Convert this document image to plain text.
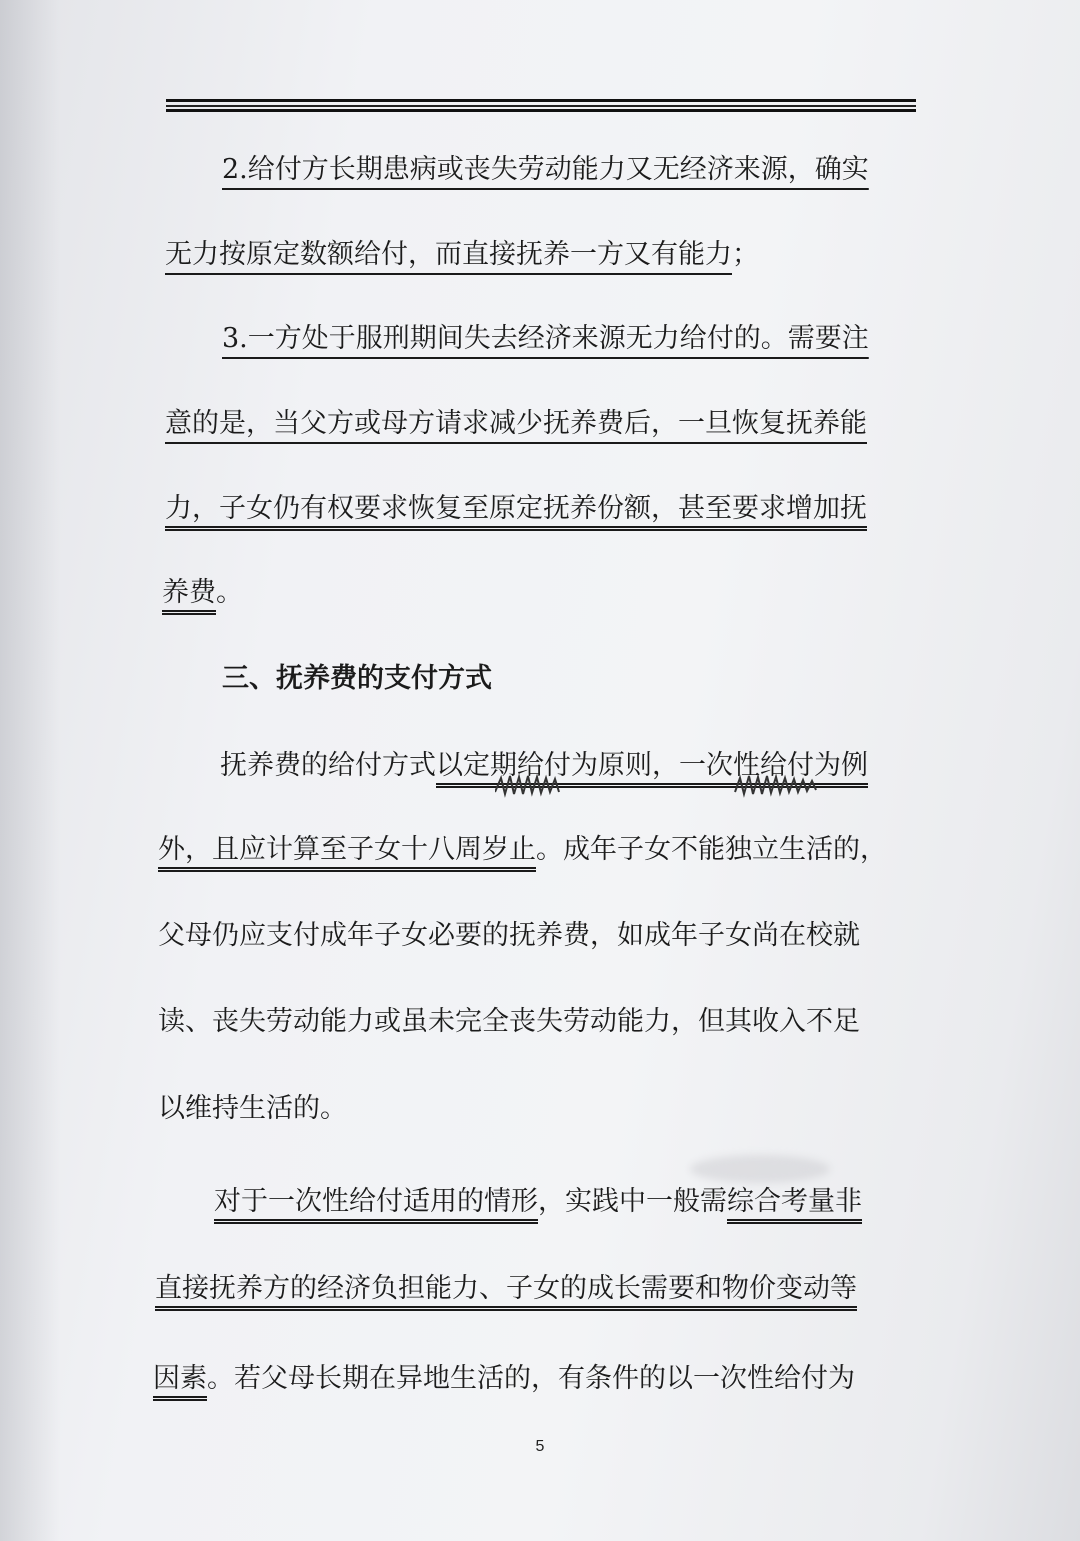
2.给付方长期患病或丧失劳动能力又无经济来源，确实
无力按原定数额给付，而直接抚养一方又有能力；
3.一方处于服刑期间失去经济来源无力给付的。需要注
意的是，当父方或母方请求减少抚养费后，一旦恢复抚养能
力，子女仍有权要求恢复至原定抚养份额，甚至要求增加抚
养费。
三、抚养费的支付方式
抚养费的给付方式以定期给付为原则，一次性给付为例
外，且应计算至子女十八周岁止。成年子女不能独立生活的，
父母仍应支付成年子女必要的抚养费，如成年子女尚在校就
读、丧失劳动能力或虽未完全丧失劳动能力，但其收入不足
以维持生活的。
对于一次性给付适用的情形，实践中一般需综合考量非
直接抚养方的经济负担能力、子女的成长需要和物价变动等
因素。若父母长期在异地生活的，有条件的以一次性给付为
5
